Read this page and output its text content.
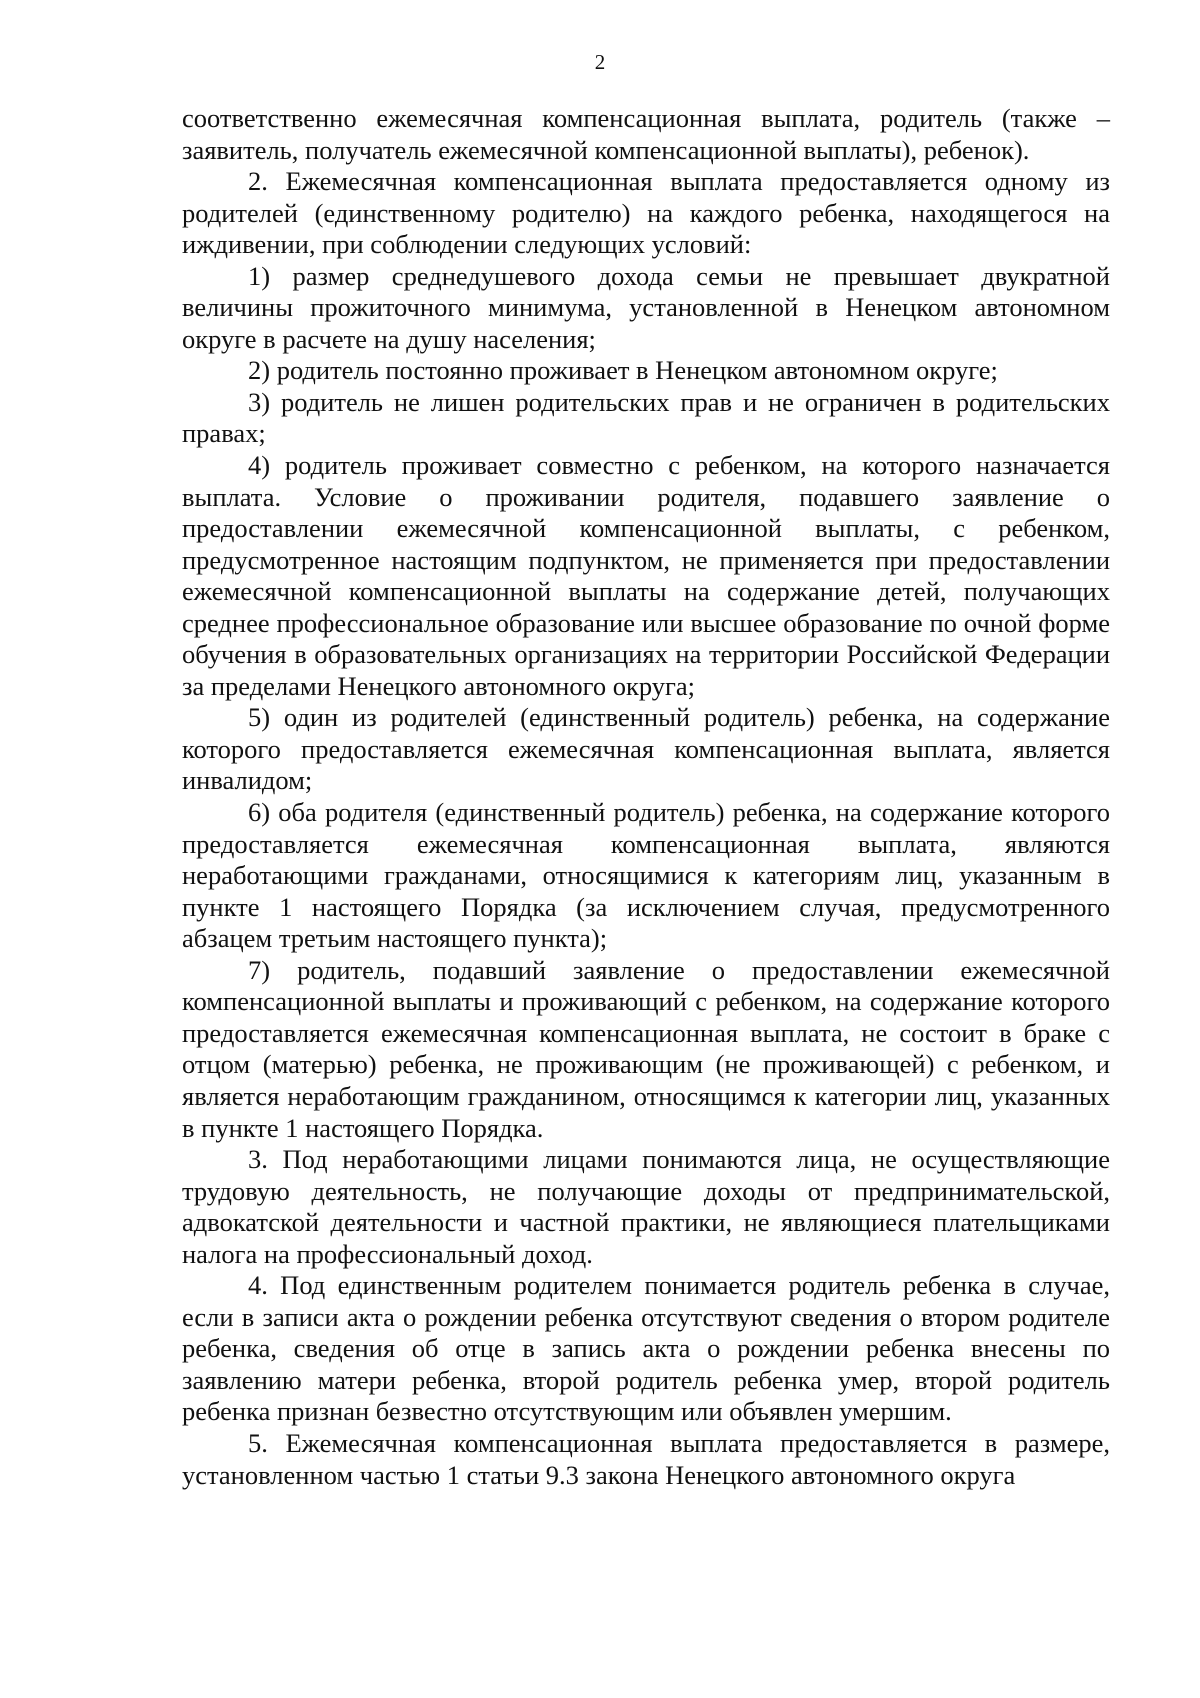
2

соответственно ежемесячная компенсационная выплата, родитель (также – заявитель, получатель ежемесячной компенсационной выплаты), ребенок).

2. Ежемесячная компенсационная выплата предоставляется одному из родителей (единственному родителю) на каждого ребенка, находящегося на иждивении, при соблюдении следующих условий:

1) размер среднедушевого дохода семьи не превышает двукратной величины прожиточного минимума, установленной в Ненецком автономном округе в расчете на душу населения;

2) родитель постоянно проживает в Ненецком автономном округе;

3) родитель не лишен родительских прав и не ограничен в родительских правах;

4) родитель проживает совместно с ребенком, на которого назначается выплата. Условие о проживании родителя, подавшего заявление о предоставлении ежемесячной компенсационной выплаты, с ребенком, предусмотренное настоящим подпунктом, не применяется при предоставлении ежемесячной компенсационной выплаты на содержание детей, получающих среднее профессиональное образование или высшее образование по очной форме обучения в образовательных организациях на территории Российской Федерации за пределами Ненецкого автономного округа;

5) один из родителей (единственный родитель) ребенка, на содержание которого предоставляется ежемесячная компенсационная выплата, является инвалидом;

6) оба родителя (единственный родитель) ребенка, на содержание которого предоставляется ежемесячная компенсационная выплата, являются неработающими гражданами, относящимися к категориям лиц, указанным в пункте 1 настоящего Порядка (за исключением случая, предусмотренного абзацем третьим настоящего пункта);

7) родитель, подавший заявление о предоставлении ежемесячной компенсационной выплаты и проживающий с ребенком, на содержание которого предоставляется ежемесячная компенсационная выплата, не состоит в браке с отцом (матерью) ребенка, не проживающим (не проживающей) с ребенком, и является неработающим гражданином, относящимся к категории лиц, указанных в пункте 1 настоящего Порядка.

3. Под неработающими лицами понимаются лица, не осуществляющие трудовую деятельность, не получающие доходы от предпринимательской, адвокатской деятельности и частной практики, не являющиеся плательщиками налога на профессиональный доход.

4. Под единственным родителем понимается родитель ребенка в случае, если в записи акта о рождении ребенка отсутствуют сведения о втором родителе ребенка, сведения об отце в запись акта о рождении ребенка внесены по заявлению матери ребенка, второй родитель ребенка умер, второй родитель ребенка признан безвестно отсутствующим или объявлен умершим.

5. Ежемесячная компенсационная выплата предоставляется в размере, установленном частью 1 статьи 9.3 закона Ненецкого автономного округа
